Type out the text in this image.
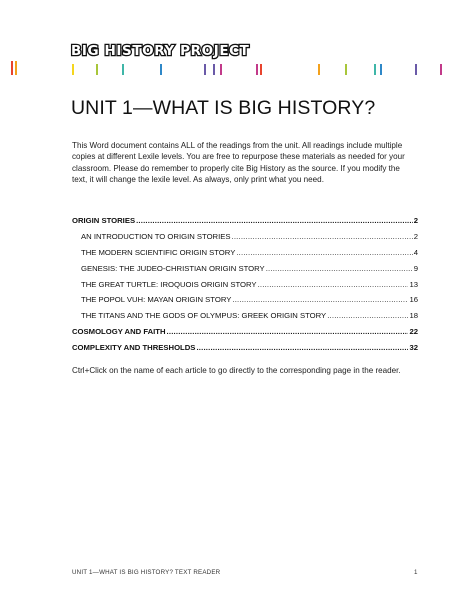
BIG HISTORY PROJECT
UNIT 1—WHAT IS BIG HISTORY?
This Word document contains ALL of the readings from the unit. All readings include multiple copies at different Lexile levels. You are free to repurpose these materials as needed for your classroom. Please do remember to properly cite Big History as the source. If you modify the text, it will change the lexile level. As always, only print what you need.
ORIGIN STORIES .....	2
AN INTRODUCTION TO ORIGIN STORIES .....	2
THE MODERN SCIENTIFIC ORIGIN STORY .....	4
GENESIS: THE JUDEO-CHRISTIAN ORIGIN STORY .....	9
THE GREAT TURTLE: IROQUOIS ORIGIN STORY .....	13
THE POPOL VUH: MAYAN ORIGIN STORY .....	16
THE TITANS AND THE GODS OF OLYMPUS: GREEK ORIGIN STORY .....	18
COSMOLOGY AND FAITH .....	22
COMPLEXITY AND THRESHOLDS .....	32
Ctrl+Click on the name of each article to go directly to the corresponding page in the reader.
UNIT 1—WHAT IS BIG HISTORY? TEXT READER	1
